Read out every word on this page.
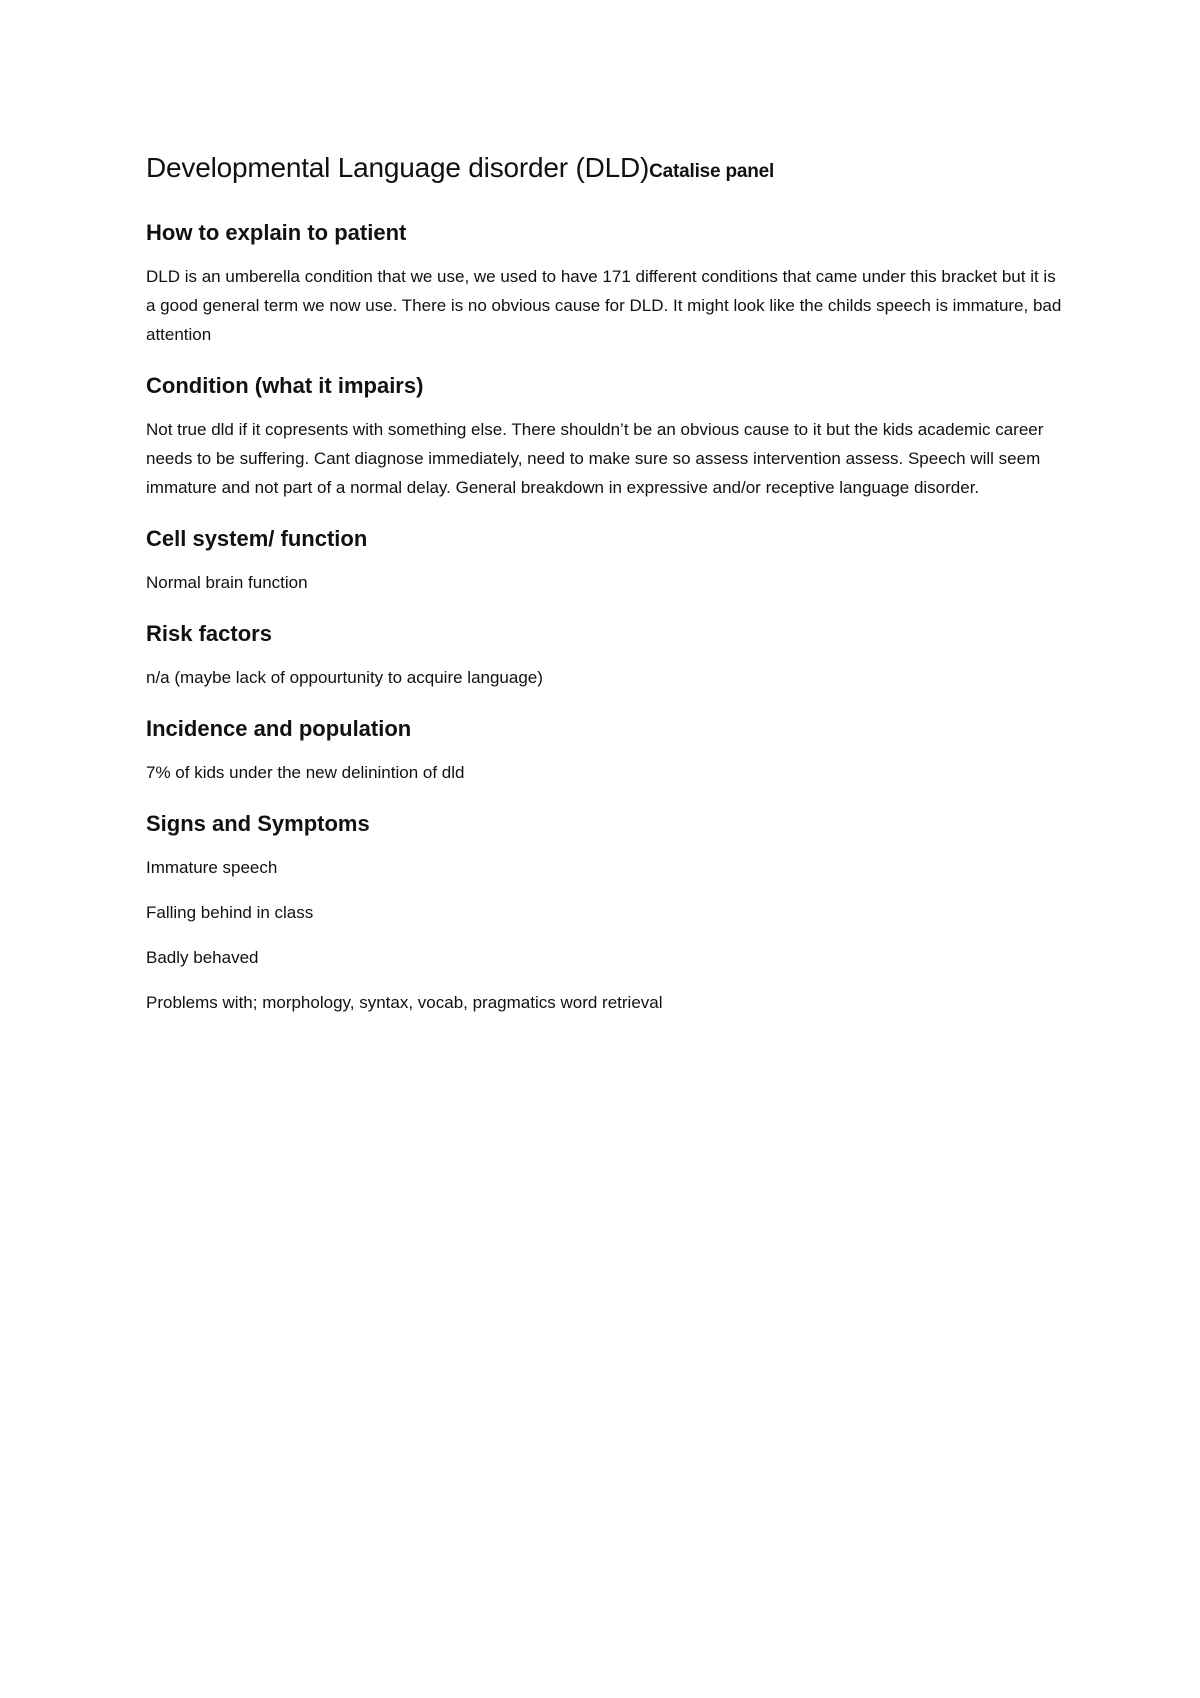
Developmental Language disorder (DLD)Catalise panel
How to explain to patient

DLD is an umberella condition that we use, we used to have 171 different conditions that came under this bracket but it is a good general term we now use. There is no obvious cause for DLD. It might look like the childs speech is immature, bad attention

Condition (what it impairs)

Not true dld if it copresents with something else. There shouldn’t be an obvious cause to it but the kids academic career needs to be suffering. Cant diagnose immediately, need to make sure so assess intervention assess. Speech will seem immature and not part of a normal delay. General breakdown in expressive and/or receptive language disorder.

Cell system/ function

Normal brain function

Risk factors

n/a (maybe lack of oppourtunity to acquire language)

Incidence and population

7% of kids under the new delinintion of dld

Signs and Symptoms

Immature speech

Falling behind in class

Badly behaved

Problems with; morphology, syntax, vocab, pragmatics word retrieval
